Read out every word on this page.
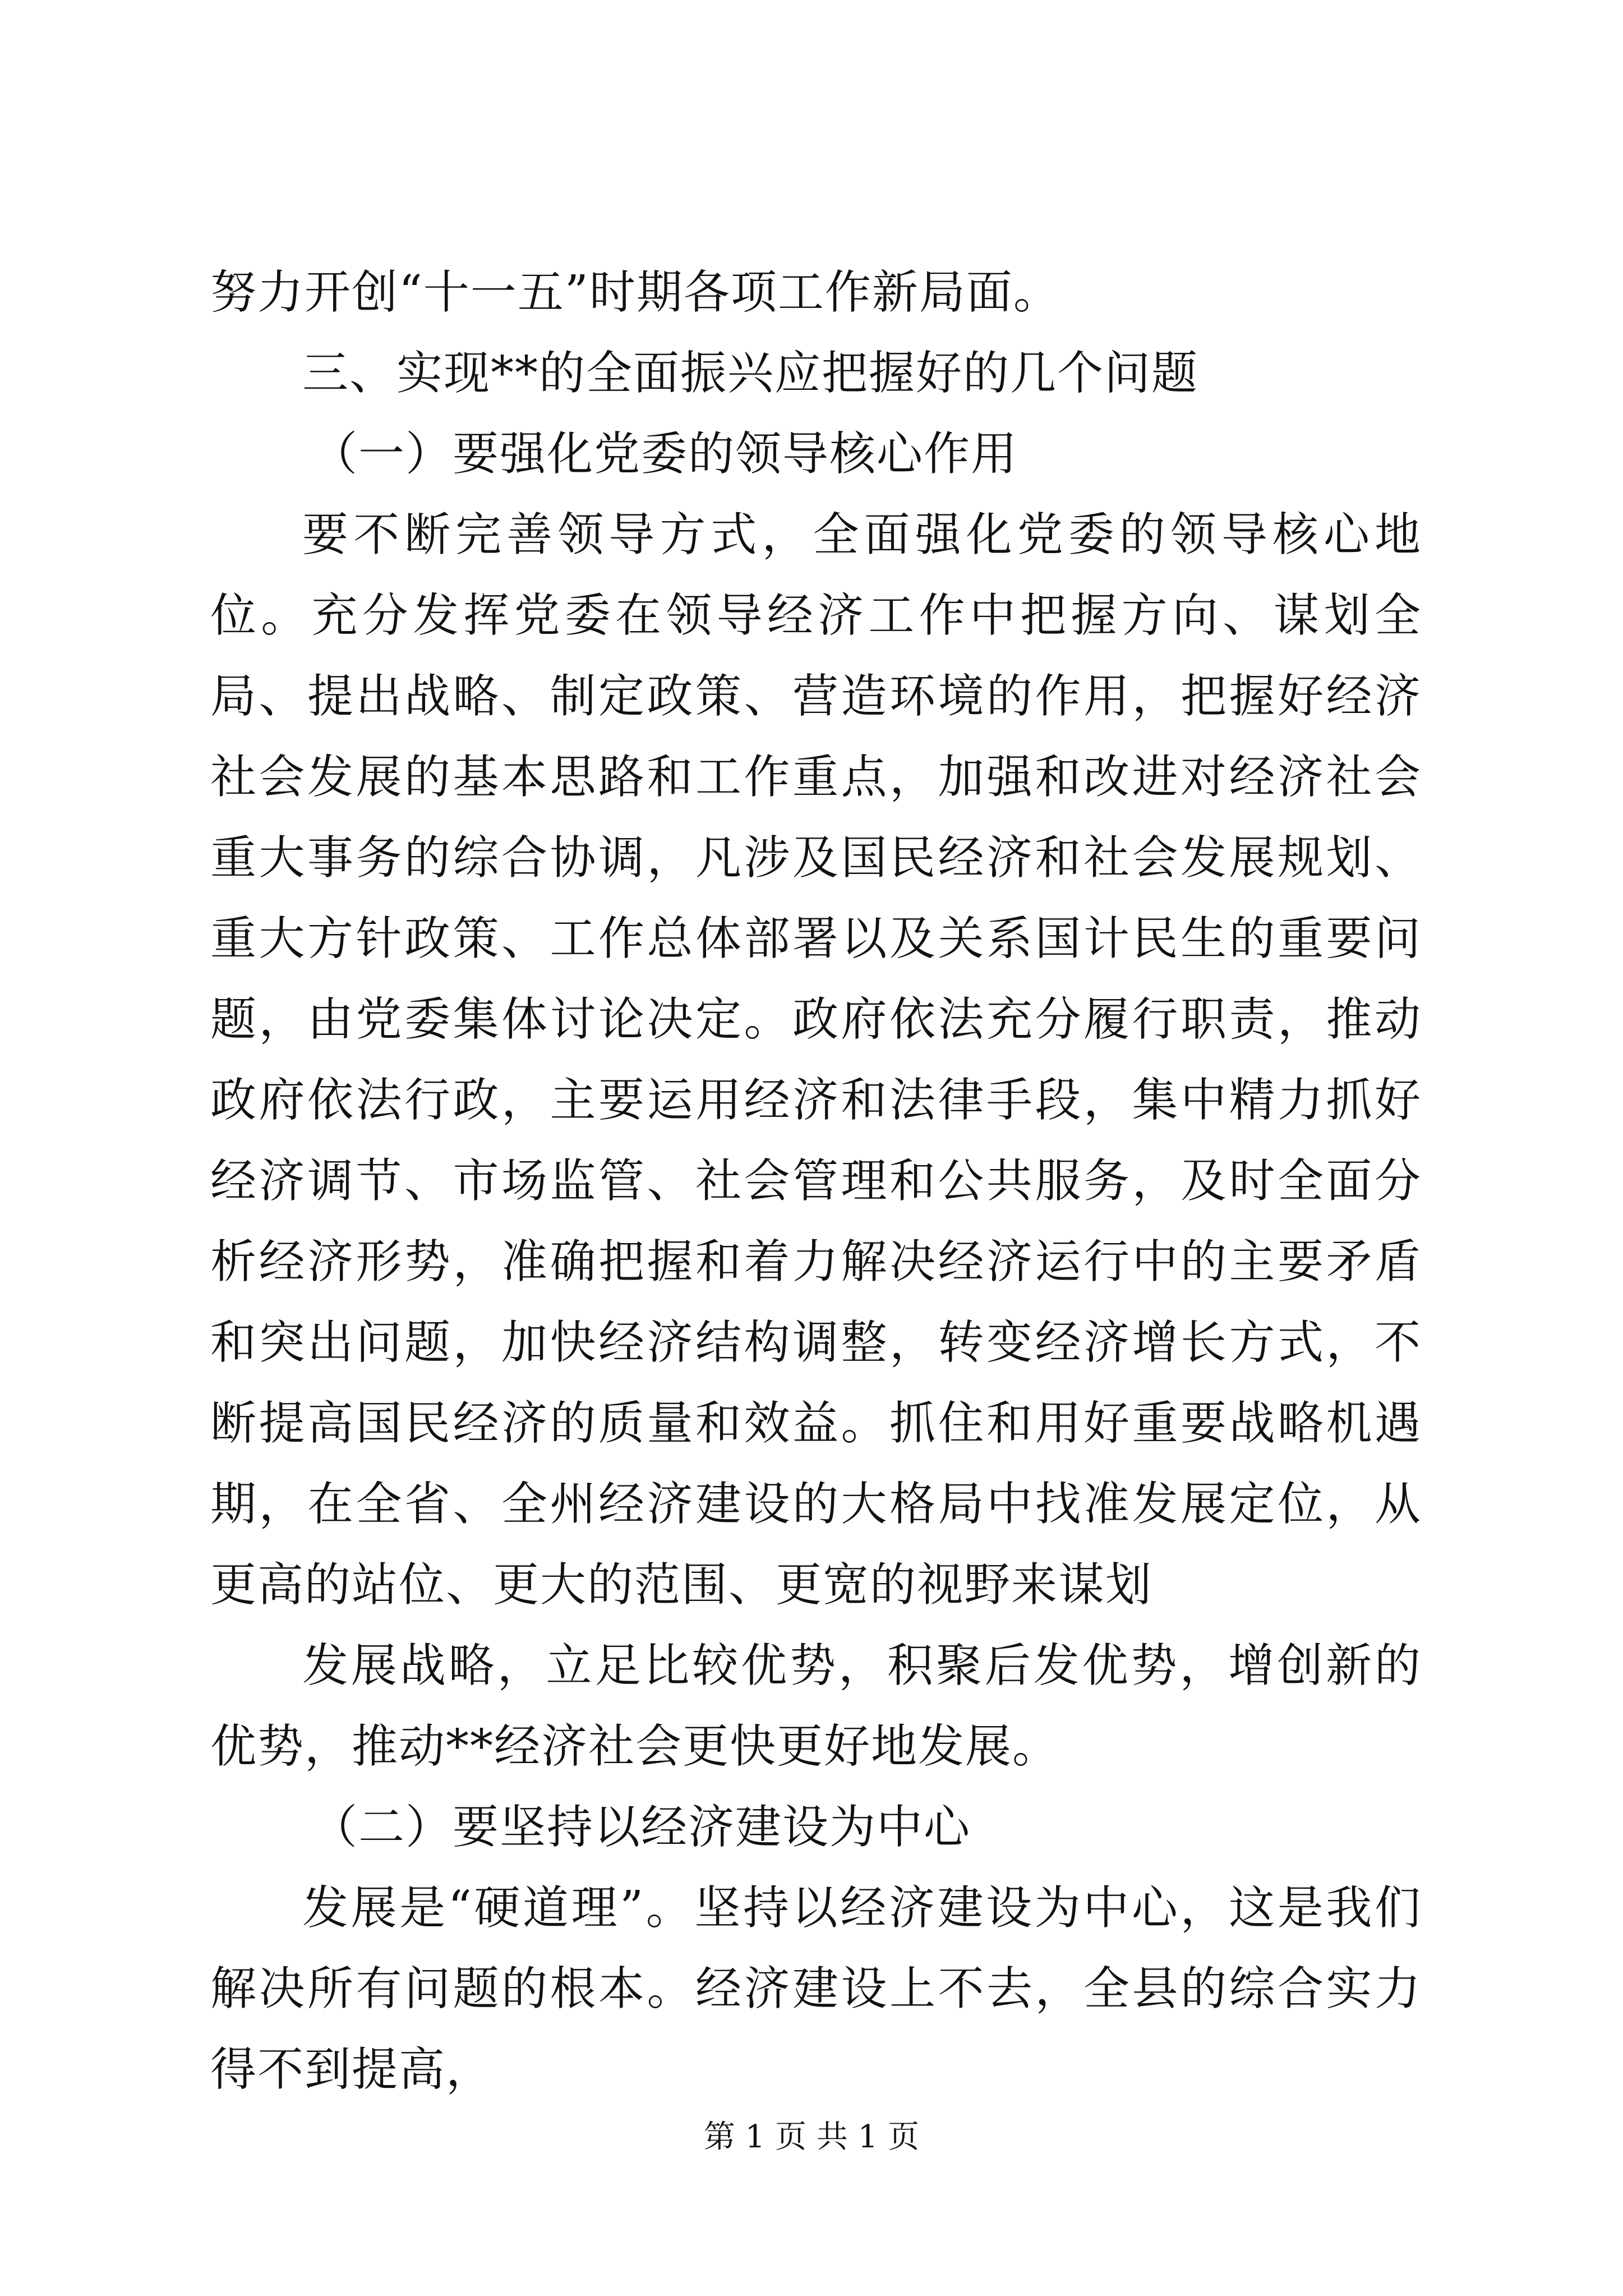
努力开创“十一五”时期各项工作新局面。

三、实现**的全面振兴应把握好的几个问题

（一）要强化党委的领导核心作用

要不断完善领导方式，全面强化党委的领导核心地位。充分发挥党委在领导经济工作中把握方向、谋划全局、提出战略、制定政策、营造环境的作用，把握好经济社会发展的基本思路和工作重点，加强和改进对经济社会重大事务的综合协调，凡涉及国民经济和社会发展规划、重大方针政策、工作总体部署以及关系国计民生的重要问题，由党委集体讨论决定。政府依法充分履行职责，推动政府依法行政，主要运用经济和法律手段，集中精力抓好经济调节、市场监管、社会管理和公共服务，及时全面分析经济形势，准确把握和着力解决经济运行中的主要矛盾和突出问题，加快经济结构调整，转变经济增长方式，不断提高国民经济的质量和效益。抓住和用好重要战略机遇期，在全省、全州经济建设的大格局中找准发展定位，从更高的站位、更大的范围、更宽的视野来谋划

发展战略，立足比较优势，积聚后发优势，增创新的优势，推动**经济社会更快更好地发展。

（二）要坚持以经济建设为中心

发展是“硬道理”。坚持以经济建设为中心，这是我们解决所有问题的根本。经济建设上不去，全县的综合实力得不到提高，

第 1 页 共 1 页
